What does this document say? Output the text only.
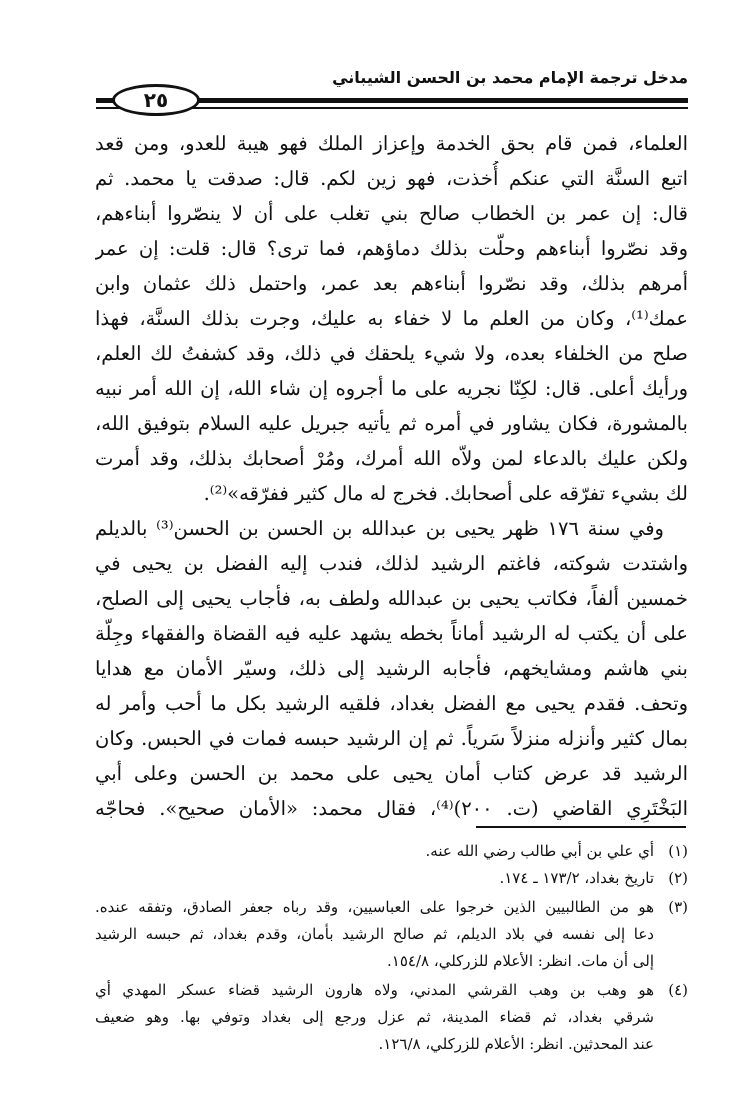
مدخل ترجمة الإمام محمد بن الحسن الشيباني
٢٥
العلماء، فمن قام بحق الخدمة وإعزاز الملك فهو هيبة للعدو، ومن قعد
اتبع السنَّة التي عنكم أُخذت، فهو زين لكم. قال: صدقت يا محمد. ثم
قال: إن عمر بن الخطاب صالح بني تغلب على أن لا ينصّروا أبناءهم،
وقد نصّروا أبناءهم وحلّت بذلك دماؤهم، فما ترى؟ قال: قلت: إن عمر
أمرهم بذلك، وقد نصّروا أبناءهم بعد عمر، واحتمل ذلك عثمان وابن
عمك⁽¹⁾، وكان من العلم ما لا خفاء به عليك، وجرت بذلك السنَّة، فهذا
صلح من الخلفاء بعده، ولا شيء يلحقك في ذلك، وقد كشفتُ لك العلم،
ورأيك أعلى. قال: لكِنّا نجريه على ما أجروه إن شاء الله، إن الله أمر نبيه
بالمشورة، فكان يشاور في أمره ثم يأتيه جبريل عليه السلام بتوفيق الله،
ولكن عليك بالدعاء لمن ولاّه الله أمرك، ومُرْ أصحابك بذلك، وقد أمرت
لك بشيء تفرّقه على أصحابك. فخرج له مال كثير ففرّقه»⁽²⁾.
وفي سنة ١٧٦ ظهر يحيى بن عبدالله بن الحسن بن الحسن⁽³⁾ بالديلم
واشتدت شوكته، فاغتم الرشيد لذلك، فندب إليه الفضل بن يحيى في
خمسين ألفاً، فكاتب يحيى بن عبدالله ولطف به، فأجاب يحيى إلى الصلح،
على أن يكتب له الرشيد أماناً بخطه يشهد عليه فيه القضاة والفقهاء وجِلّة
بني هاشم ومشايخهم، فأجابه الرشيد إلى ذلك، وسيّر الأمان مع هدايا
وتحف. فقدم يحيى مع الفضل بغداد، فلقيه الرشيد بكل ما أحب وأمر له
بمال كثير وأنزله منزلاً سَرياً. ثم إن الرشيد حبسه فمات في الحبس. وكان
الرشيد قد عرض كتاب أمان يحيى على محمد بن الحسن وعلى أبي
البَخْتَرِي القاضي (ت. ٢٠٠)⁽⁴⁾، فقال محمد: «الأمان صحيح». فحاجّه
(١)
أي علي بن أبي طالب رضي الله عنه.
(٢)
تاريخ بغداد، ١٧٣/٢ ـ ١٧٤.
(٣)
هو من الطالبيين الذين خرجوا على العباسيين، وقد رباه جعفر الصادق، وتفقه عنده.
دعا إلى نفسه في بلاد الديلم، ثم صالح الرشيد بأمان، وقدم بغداد، ثم حبسه الرشيد
إلى أن مات. انظر: الأعلام للزركلي، ١٥٤/٨.
(٤)
هو وهب بن وهب القرشي المدني، ولاه هارون الرشيد قضاء عسكر المهدي أي
شرقي بغداد، ثم قضاء المدينة، ثم عزل ورجع إلى بغداد وتوفي بها. وهو ضعيف
عند المحدثين. انظر: الأعلام للزركلي، ١٢٦/٨.
